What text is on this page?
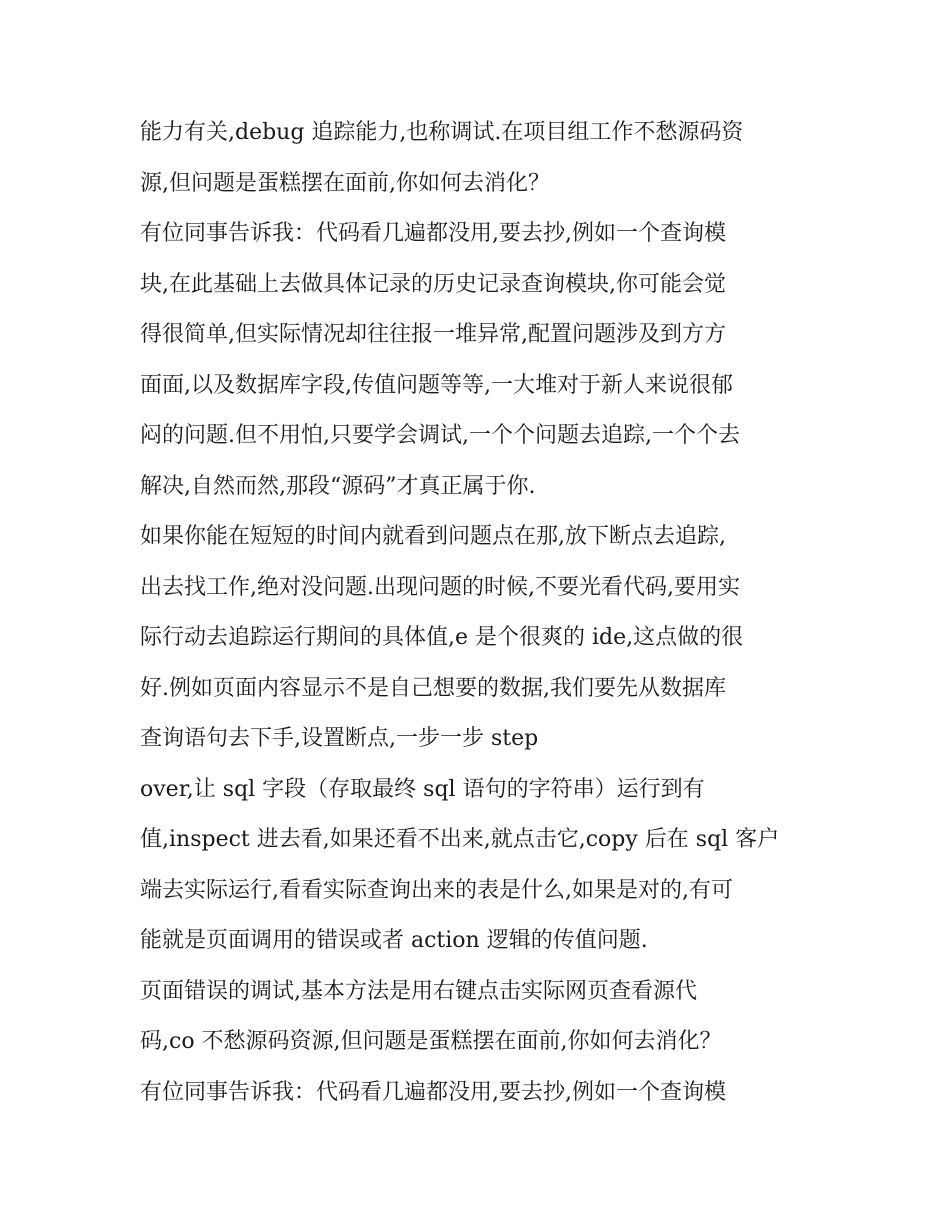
能力有关,debug 追踪能力,也称调试.在项目组工作不愁源码资
源,但问题是蛋糕摆在面前,你如何去消化？
有位同事告诉我：代码看几遍都没用,要去抄,例如一个查询模
块,在此基础上去做具体记录的历史记录查询模块,你可能会觉
得很简单,但实际情况却往往报一堆异常,配置问题涉及到方方
面面,以及数据库字段,传值问题等等,一大堆对于新人来说很郁
闷的问题.但不用怕,只要学会调试,一个个问题去追踪,一个个去
解决,自然而然,那段“源码”才真正属于你.
如果你能在短短的时间内就看到问题点在那,放下断点去追踪,
出去找工作,绝对没问题.出现问题的时候,不要光看代码,要用实
际行动去追踪运行期间的具体值,e 是个很爽的 ide,这点做的很
好.例如页面内容显示不是自己想要的数据,我们要先从数据库
查询语句去下手,设置断点,一步一步 step
over,让 sql 字段（存取最终 sql 语句的字符串）运行到有
值,inspect 进去看,如果还看不出来,就点击它,copy 后在 sql 客户
端去实际运行,看看实际查询出来的表是什么,如果是对的,有可
能就是页面调用的错误或者 action 逻辑的传值问题.
页面错误的调试,基本方法是用右键点击实际网页查看源代
码,co 不愁源码资源,但问题是蛋糕摆在面前,你如何去消化？
有位同事告诉我：代码看几遍都没用,要去抄,例如一个查询模
